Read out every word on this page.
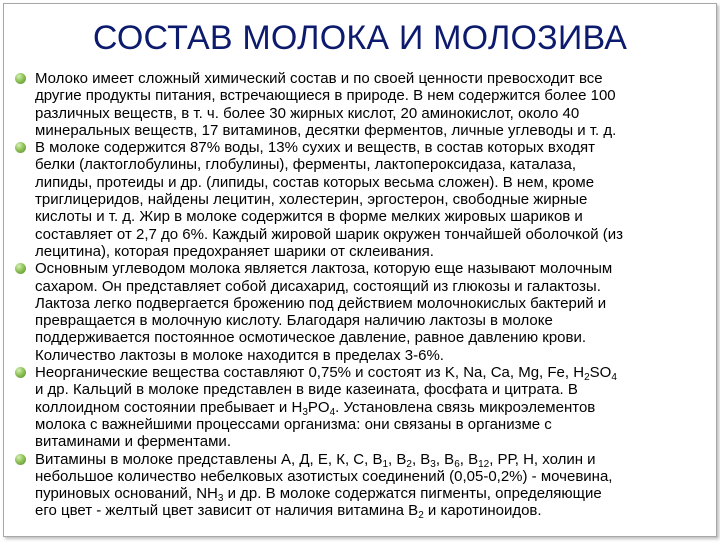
СОСТАВ МОЛОКА И МОЛОЗИВА
Молоко имеет сложный химический состав и по своей ценности превосходит все
другие продукты питания, встречающиеся в природе. В нем содержится более 100
различных веществ, в т. ч. более 30 жирных кислот, 20 аминокислот, около 40
минеральных веществ, 17 витаминов, десятки ферментов, личные углеводы и т. д.
В молоке содержится 87% воды, 13% сухих и веществ, в состав которых входят
белки (лактоглобулины, глобулины), ферменты, лактопероксидаза, каталаза,
липиды, протеиды и др. (липиды, состав которых весьма сложен). В нем, кроме
триглицеридов, найдены лецитин, холестерин, эргостерон, свободные жирные
кислоты и т. д. Жир в молоке содержится в форме мелких жировых шариков и
составляет от 2,7 до 6%. Каждый жировой шарик окружен тончайшей оболочкой (из
лецитина), которая предохраняет шарики от склеивания.
Основным углеводом молока является лактоза, которую еще называют молочным
сахаром. Он представляет собой дисахарид, состоящий из глюкозы и галактозы.
Лактоза легко подвергается брожению под действием молочнокислых бактерий и
превращается в молочную кислоту. Благодаря наличию лактозы в молоке
поддерживается постоянное осмотическое давление, равное давлению крови.
Количество лактозы в молоке находится в пределах 3-6%.
Неорганические вещества составляют 0,75% и состоят из K, Na, Ca, Mg, Fe, $H_2SO_4$
и др. Кальций в молоке представлен в виде казеината, фосфата и цитрата. В
коллоидном состоянии пребывает и $H_3PO_4$. Установлена связь микроэлементов
молока с важнейшими процессами организма: они связаны в организме с
витаминами и ферментами.
Витамины в молоке представлены А, Д, Е, К, С, $В_1$, $В_2$, $В_3$, $В_6$, $В_{12}$, РР, Н, холин и
небольшое количество небелковых азотистых соединений (0,05-0,2%) - мочевина,
пуриновых оснований, $NH_3$ и др. В молоке содержатся пигменты, определяющие
его цвет - желтый цвет зависит от наличия витамина $В_2$ и каротиноидов.
